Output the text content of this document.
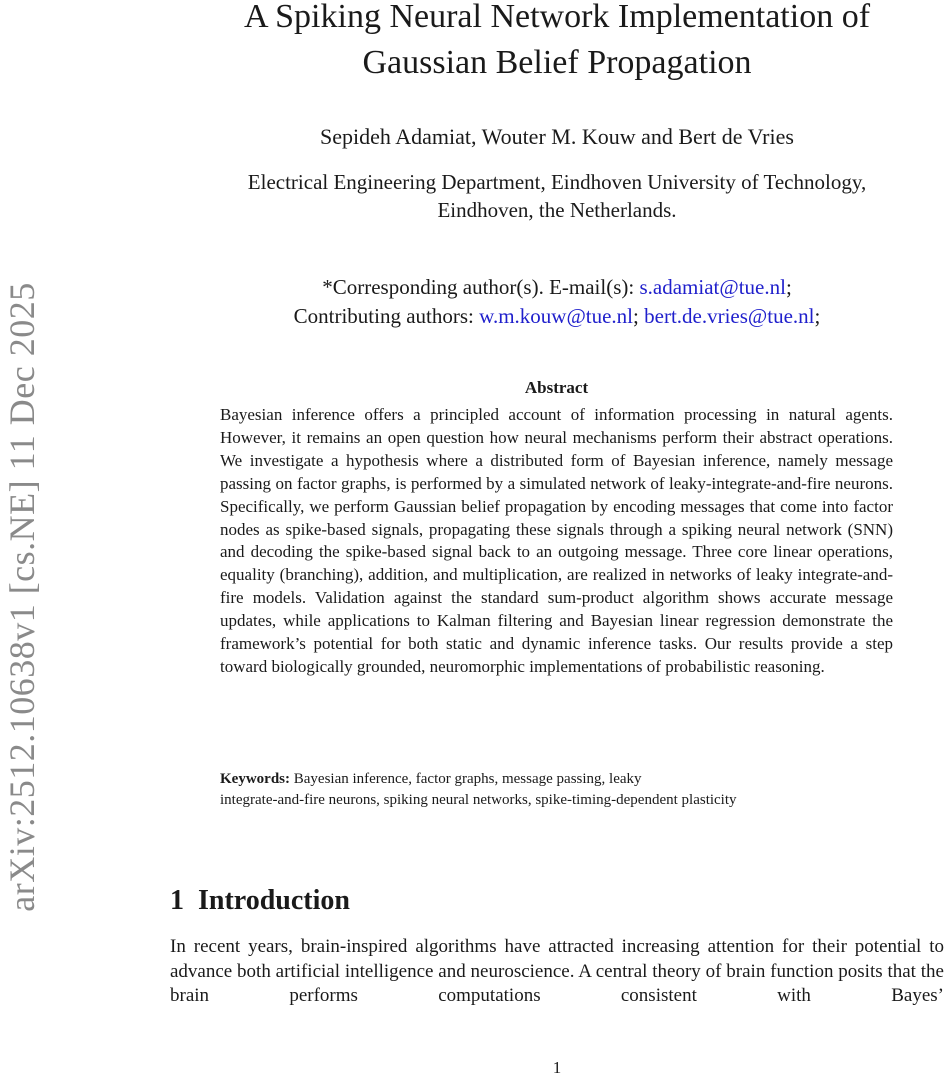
arXiv:2512.10638v1 [cs.NE] 11 Dec 2025
A Spiking Neural Network Implementation of
Gaussian Belief Propagation
Sepideh Adamiat, Wouter M. Kouw and Bert de Vries
Electrical Engineering Department, Eindhoven University of Technology,
Eindhoven, the Netherlands.
*Corresponding author(s). E-mail(s): s.adamiat@tue.nl;
Contributing authors: w.m.kouw@tue.nl; bert.de.vries@tue.nl;
Abstract
Bayesian inference offers a principled account of information processing in natural agents. However, it remains an open question how neural mechanisms perform their abstract operations. We investigate a hypothesis where a distributed form of Bayesian inference, namely message passing on factor graphs, is performed by a simulated network of leaky-integrate-and-fire neurons. Specifically, we perform Gaussian belief propagation by encoding messages that come into factor nodes as spike-based signals, propagating these signals through a spiking neural network (SNN) and decoding the spike-based signal back to an outgoing message. Three core linear operations, equality (branching), addition, and multiplication, are realized in networks of leaky integrate-and-fire models. Validation against the standard sum-product algorithm shows accurate message updates, while applications to Kalman filtering and Bayesian linear regression demonstrate the framework’s potential for both static and dynamic inference tasks. Our results provide a step toward biologically grounded, neuromorphic implementations of probabilistic reasoning.
Keywords: Bayesian inference, factor graphs, message passing, leaky
integrate-and-fire neurons, spiking neural networks, spike-timing-dependent plasticity
1 Introduction
In recent years, brain-inspired algorithms have attracted increasing attention for their potential to advance both artificial intelligence and neuroscience. A central theory of brain function posits that the brain performs computations consistent with Bayes’
1
